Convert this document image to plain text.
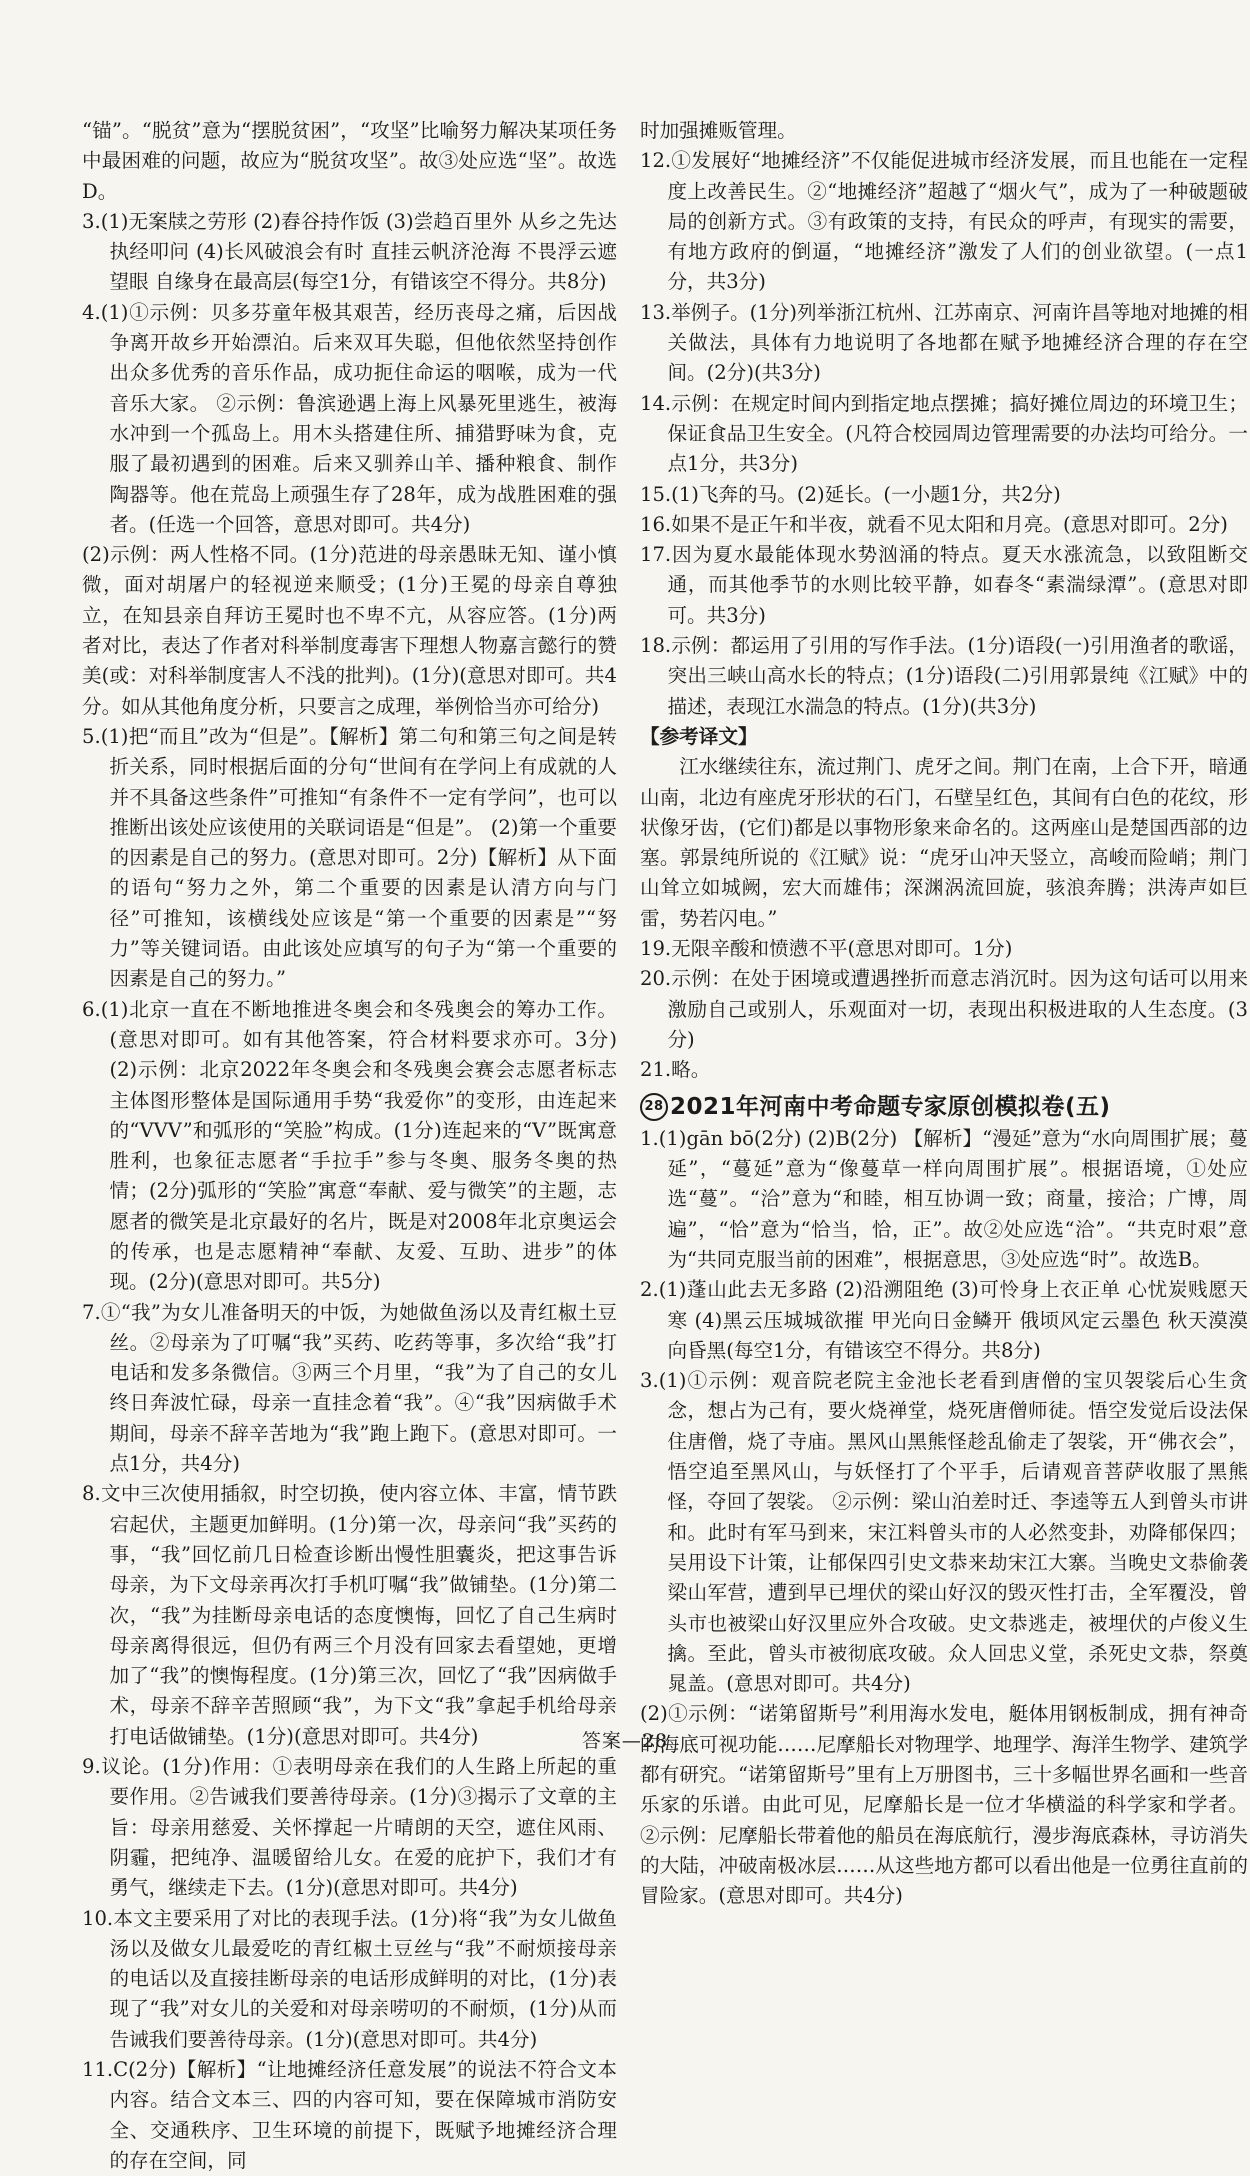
“锚”。“脱贫”意为“摆脱贫困”，“攻坚”比喻努力解决某项任务中最困难的问题，故应为“脱贫攻坚”。故③处应选“坚”。故选D。

3.(1)无案牍之劳形 (2)舂谷持作饭 (3)尝趋百里外 从乡之先达执经叩问 (4)长风破浪会有时 直挂云帆济沧海 不畏浮云遮望眼 自缘身在最高层(每空1分，有错该空不得分。共8分)

4.(1)①示例：贝多芬童年极其艰苦，经历丧母之痛，后因战争离开故乡开始漂泊。后来双耳失聪，但他依然坚持创作出众多优秀的音乐作品，成功扼住命运的咽喉，成为一代音乐大家。 ②示例：鲁滨逊遇上海上风暴死里逃生，被海水冲到一个孤岛上。用木头搭建住所、捕猎野味为食，克服了最初遇到的困难。后来又驯养山羊、播种粮食、制作陶器等。他在荒岛上顽强生存了28年，成为战胜困难的强者。(任选一个回答，意思对即可。共4分)

(2)示例：两人性格不同。(1分)范进的母亲愚昧无知、谨小慎微，面对胡屠户的轻视逆来顺受；(1分)王冕的母亲自尊独立，在知县亲自拜访王冕时也不卑不亢，从容应答。(1分)两者对比，表达了作者对科举制度毒害下理想人物嘉言懿行的赞美(或：对科举制度害人不浅的批判)。(1分)(意思对即可。共4分。如从其他角度分析，只要言之成理，举例恰当亦可给分)

5.(1)把“而且”改为“但是”。【解析】第二句和第三句之间是转折关系，同时根据后面的分句“世间有在学问上有成就的人并不具备这些条件”可推知“有条件不一定有学问”，也可以推断出该处应该使用的关联词语是“但是”。 (2)第一个重要的因素是自己的努力。(意思对即可。2分)【解析】从下面的语句“努力之外，第二个重要的因素是认清方向与门径”可推知，该横线处应该是“第一个重要的因素是”“努力”等关键词语。由此该处应填写的句子为“第一个重要的因素是自己的努力。”

6.(1)北京一直在不断地推进冬奥会和冬残奥会的筹办工作。(意思对即可。如有其他答案，符合材料要求亦可。3分) (2)示例：北京2022年冬奥会和冬残奥会赛会志愿者标志主体图形整体是国际通用手势“我爱你”的变形，由连起来的“VVV”和弧形的“笑脸”构成。(1分)连起来的“V”既寓意胜利，也象征志愿者“手拉手”参与冬奥、服务冬奥的热情；(2分)弧形的“笑脸”寓意“奉献、爱与微笑”的主题，志愿者的微笑是北京最好的名片，既是对2008年北京奥运会的传承，也是志愿精神“奉献、友爱、互助、进步”的体现。(2分)(意思对即可。共5分)

7.①“我”为女儿准备明天的中饭，为她做鱼汤以及青红椒土豆丝。②母亲为了叮嘱“我”买药、吃药等事，多次给“我”打电话和发多条微信。③两三个月里，“我”为了自己的女儿终日奔波忙碌，母亲一直挂念着“我”。④“我”因病做手术期间，母亲不辞辛苦地为“我”跑上跑下。(意思对即可。一点1分，共4分)

8.文中三次使用插叙，时空切换，使内容立体、丰富，情节跌宕起伏，主题更加鲜明。(1分)第一次，母亲问“我”买药的事，“我”回忆前几日检查诊断出慢性胆囊炎，把这事告诉母亲，为下文母亲再次打手机叮嘱“我”做铺垫。(1分)第二次，“我”为挂断母亲电话的态度懊悔，回忆了自己生病时母亲离得很远，但仍有两三个月没有回家去看望她，更增加了“我”的懊悔程度。(1分)第三次，回忆了“我”因病做手术，母亲不辞辛苦照顾“我”，为下文“我”拿起手机给母亲打电话做铺垫。(1分)(意思对即可。共4分)

9.议论。(1分)作用：①表明母亲在我们的人生路上所起的重要作用。②告诫我们要善待母亲。(1分)③揭示了文章的主旨：母亲用慈爱、关怀撑起一片晴朗的天空，遮住风雨、阴霾，把纯净、温暖留给儿女。在爱的庇护下，我们才有勇气，继续走下去。(1分)(意思对即可。共4分)

10.本文主要采用了对比的表现手法。(1分)将“我”为女儿做鱼汤以及做女儿最爱吃的青红椒土豆丝与“我”不耐烦接母亲的电话以及直接挂断母亲的电话形成鲜明的对比，(1分)表现了“我”对女儿的关爱和对母亲唠叨的不耐烦，(1分)从而告诫我们要善待母亲。(1分)(意思对即可。共4分)

11.C(2分)【解析】“让地摊经济任意发展”的说法不符合文本内容。结合文本三、四的内容可知，要在保障城市消防安全、交通秩序、卫生环境的前提下，既赋予地摊经济合理的存在空间，同

时加强摊贩管理。

12.①发展好“地摊经济”不仅能促进城市经济发展，而且也能在一定程度上改善民生。②“地摊经济”超越了“烟火气”，成为了一种破题破局的创新方式。③有政策的支持，有民众的呼声，有现实的需要，有地方政府的倒逼，“地摊经济”激发了人们的创业欲望。(一点1分，共3分)

13.举例子。(1分)列举浙江杭州、江苏南京、河南许昌等地对地摊的相关做法，具体有力地说明了各地都在赋予地摊经济合理的存在空间。(2分)(共3分)

14.示例：在规定时间内到指定地点摆摊；搞好摊位周边的环境卫生；保证食品卫生安全。(凡符合校园周边管理需要的办法均可给分。一点1分，共3分)

15.(1)飞奔的马。(2)延长。(一小题1分，共2分)

16.如果不是正午和半夜，就看不见太阳和月亮。(意思对即可。2分)

17.因为夏水最能体现水势汹涌的特点。夏天水涨流急，以致阻断交通，而其他季节的水则比较平静，如春冬“素湍绿潭”。(意思对即可。共3分)

18.示例：都运用了引用的写作手法。(1分)语段(一)引用渔者的歌谣，突出三峡山高水长的特点；(1分)语段(二)引用郭景纯《江赋》中的描述，表现江水湍急的特点。(1分)(共3分)

【参考译文】

江水继续往东，流过荆门、虎牙之间。荆门在南，上合下开，暗通山南，北边有座虎牙形状的石门，石壁呈红色，其间有白色的花纹，形状像牙齿，(它们)都是以事物形象来命名的。这两座山是楚国西部的边塞。郭景纯所说的《江赋》说：“虎牙山冲天竖立，高峻而险峭；荆门山耸立如城阙，宏大而雄伟；深渊涡流回旋，骇浪奔腾；洪涛声如巨雷，势若闪电。”

19.无限辛酸和愤懑不平(意思对即可。1分)

20.示例：在处于困境或遭遇挫折而意志消沉时。因为这句话可以用来激励自己或别人，乐观面对一切，表现出积极进取的人生态度。(3分)

21.略。

28 2021年河南中考命题专家原创模拟卷(五)

1.(1)gān bō(2分) (2)B(2分) 【解析】“漫延”意为“水向周围扩展；蔓延”，“蔓延”意为“像蔓草一样向周围扩展”。根据语境，①处应选“蔓”。“洽”意为“和睦，相互协调一致；商量，接洽；广博，周遍”，“恰”意为“恰当，恰，正”。故②处应选“洽”。“共克时艰”意为“共同克服当前的困难”，根据意思，③处应选“时”。故选B。

2.(1)蓬山此去无多路 (2)沿溯阻绝 (3)可怜身上衣正单 心忧炭贱愿天寒 (4)黑云压城城欲摧 甲光向日金鳞开 俄顷风定云墨色 秋天漠漠向昏黑(每空1分，有错该空不得分。共8分)

3.(1)①示例：观音院老院主金池长老看到唐僧的宝贝袈裟后心生贪念，想占为己有，要火烧禅堂，烧死唐僧师徒。悟空发觉后设法保住唐僧，烧了寺庙。黑风山黑熊怪趁乱偷走了袈裟，开“佛衣会”，悟空追至黑风山，与妖怪打了个平手，后请观音菩萨收服了黑熊怪，夺回了袈裟。 ②示例：梁山泊差时迁、李逵等五人到曾头市讲和。此时有军马到来，宋江料曾头市的人必然变卦，劝降郁保四；吴用设下计策，让郁保四引史文恭来劫宋江大寨。当晚史文恭偷袭梁山军营，遭到早已埋伏的梁山好汉的毁灭性打击，全军覆没，曾头市也被梁山好汉里应外合攻破。史文恭逃走，被埋伏的卢俊义生擒。至此，曾头市被彻底攻破。众人回忠义堂，杀死史文恭，祭奠晁盖。(意思对即可。共4分)

(2)①示例：“诺第留斯号”利用海水发电，艇体用钢板制成，拥有神奇的海底可视功能……尼摩船长对物理学、地理学、海洋生物学、建筑学都有研究。“诺第留斯号”里有上万册图书，三十多幅世界名画和一些音乐家的乐谱。由此可见，尼摩船长是一位才华横溢的科学家和学者。 ②示例：尼摩船长带着他的船员在海底航行，漫步海底森林，寻访消失的大陆，冲破南极冰层……从这些地方都可以看出他是一位勇往直前的冒险家。(意思对即可。共4分)

答案—28
